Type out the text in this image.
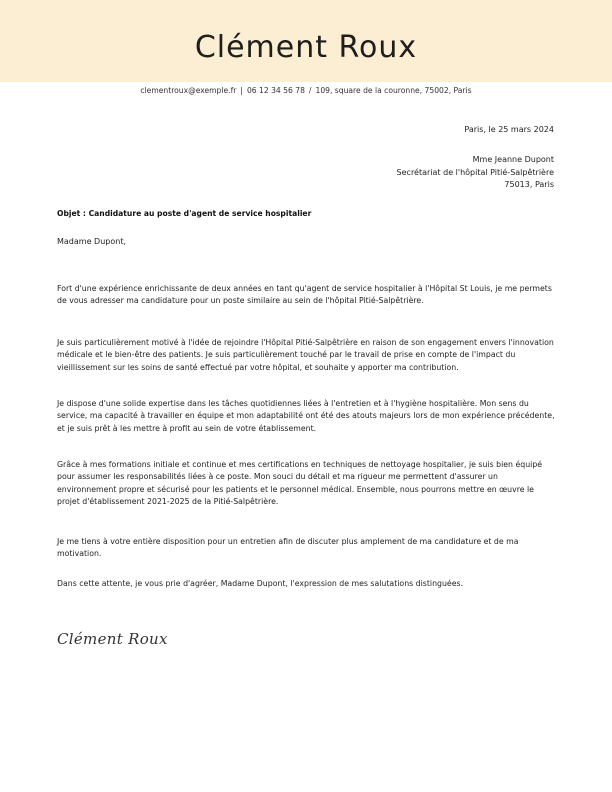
Clément Roux
clementroux@exemple.fr | 06 12 34 56 78 / 109, square de la couronne, 75002, Paris
Paris, le 25 mars 2024
Mme Jeanne Dupont
Secrétariat de l'hôpital Pitié-Salpêtrière
75013, Paris
Objet : Candidature au poste d'agent de service hospitalier
Madame Dupont,

Fort d'une expérience enrichissante de deux années en tant qu'agent de service hospitalier à l'Hôpital St Louis, je me permets de vous adresser ma candidature pour un poste similaire au sein de l'hôpital Pitié-Salpêtrière.

Je suis particulièrement motivé à l'idée de rejoindre l'Hôpital Pitié-Salpêtrière en raison de son engagement envers l'innovation médicale et le bien-être des patients. Je suis particulièrement touché par le travail de prise en compte de l'impact du vieillissement sur les soins de santé effectué par votre hôpital, et souhaite y apporter ma contribution.

Je dispose d'une solide expertise dans les tâches quotidiennes liées à l'entretien et à l'hygiène hospitalière. Mon sens du service, ma capacité à travailler en équipe et mon adaptabilité ont été des atouts majeurs lors de mon expérience précédente, et je suis prêt à les mettre à profit au sein de votre établissement.

Grâce à mes formations initiale et continue et mes certifications en techniques de nettoyage hospitalier, je suis bien équipé pour assumer les responsabilités liées à ce poste. Mon souci du détail et ma rigueur me permettent d'assurer un environnement propre et sécurisé pour les patients et le personnel médical. Ensemble, nous pourrons mettre en œuvre le projet d'établissement 2021-2025 de la Pitié-Salpêtrière.

Je me tiens à votre entière disposition pour un entretien afin de discuter plus amplement de ma candidature et de ma motivation.

Dans cette attente, je vous prie d'agréer, Madame Dupont, l'expression de mes salutations distinguées.

Clément Roux
